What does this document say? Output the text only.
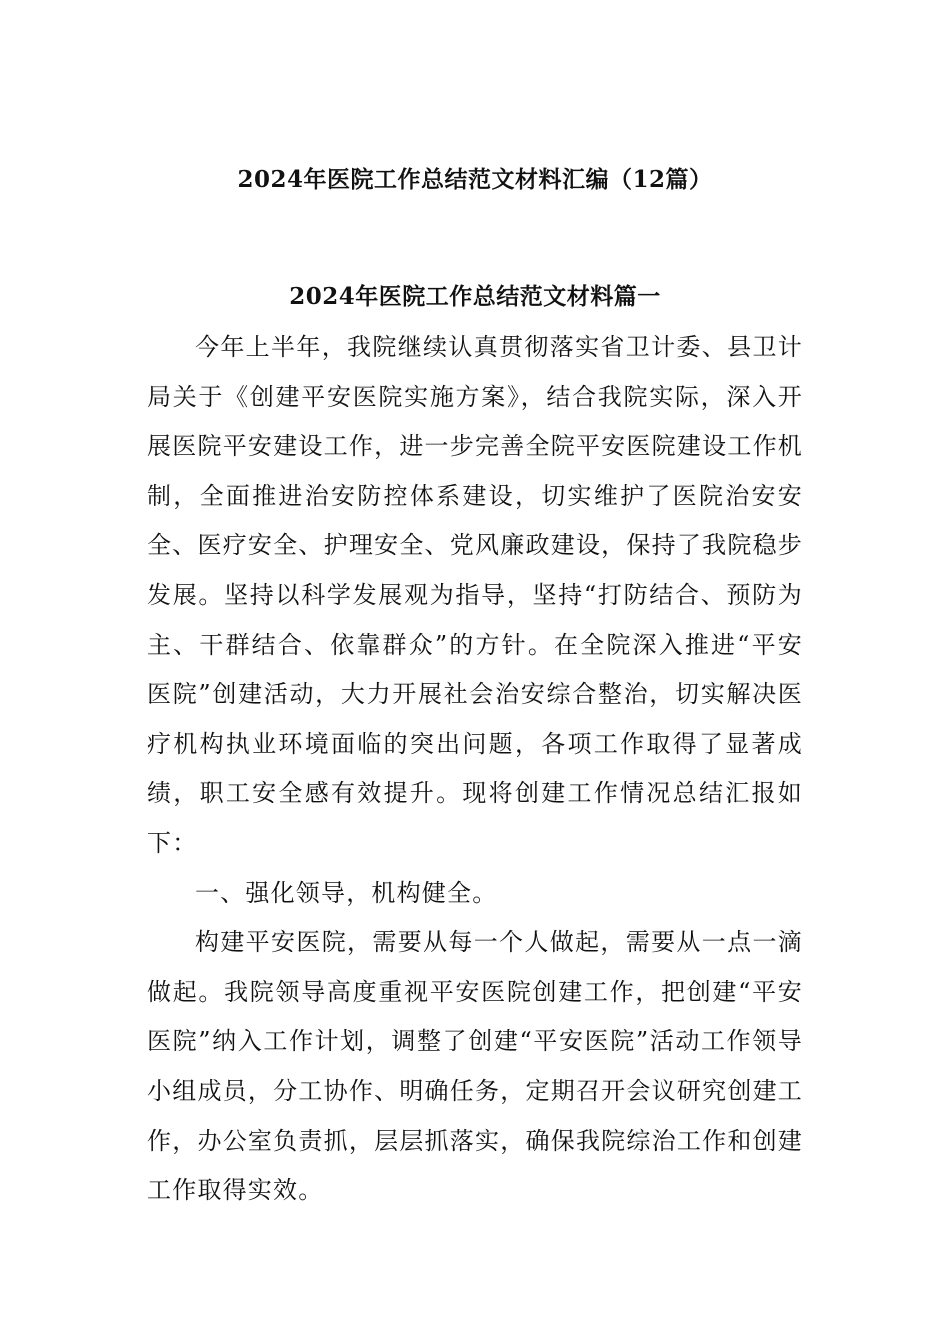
2024年医院工作总结范文材料汇编（12篇）
2024年医院工作总结范文材料篇一

今年上半年，我院继续认真贯彻落实省卫计委、县卫计局关于《创建平安医院实施方案》，结合我院实际，深入开展医院平安建设工作，进一步完善全院平安医院建设工作机制，全面推进治安防控体系建设，切实维护了医院治安安全、医疗安全、护理安全、党风廉政建设，保持了我院稳步发展。坚持以科学发展观为指导，坚持“打防结合、预防为主、干群结合、依靠群众”的方针。在全院深入推进“平安医院”创建活动，大力开展社会治安综合整治，切实解决医疗机构执业环境面临的突出问题，各项工作取得了显著成绩，职工安全感有效提升。现将创建工作情况总结汇报如下：

一、强化领导，机构健全。

构建平安医院，需要从每一个人做起，需要从一点一滴做起。我院领导高度重视平安医院创建工作，把创建“平安医院”纳入工作计划，调整了创建“平安医院”活动工作领导小组成员，分工协作、明确任务，定期召开会议研究创建工作，办公室负责抓，层层抓落实，确保我院综治工作和创建工作取得实效。
